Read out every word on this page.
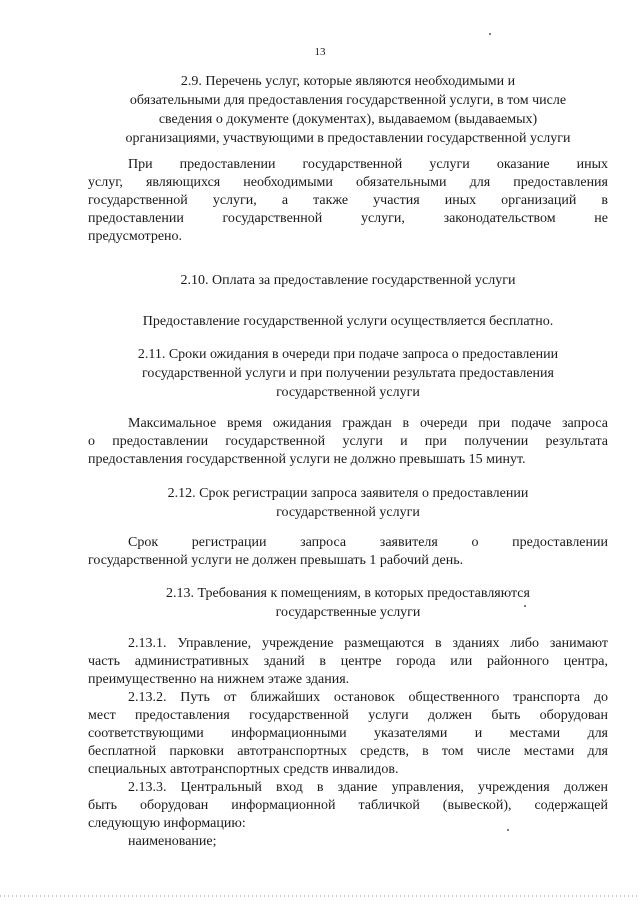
13
2.9. Перечень услуг, которые являются необходимыми и
обязательными для предоставления государственной услуги, в том числе
сведения о документе (документах), выдаваемом (выдаваемых)
организациями, участвующими в предоставлении государственной услуги
При предоставлении государственной услуги оказание иных
услуг, являющихся необходимыми обязательными для предоставления
государственной услуги, а также участия иных организаций в
предоставлении государственной услуги, законодательством не
предусмотрено.
2.10. Оплата за предоставление государственной услуги
Предоставление государственной услуги осуществляется бесплатно.
2.11. Сроки ожидания в очереди при подаче запроса о предоставлении
государственной услуги и при получении результата предоставления
государственной услуги
Максимальное время ожидания граждан в очереди при подаче запроса
о предоставлении государственной услуги и при получении результата
предоставления государственной услуги не должно превышать 15 минут.
2.12. Срок регистрации запроса заявителя о предоставлении
государственной услуги
Срок регистрации запроса заявителя о предоставлении
государственной услуги не должен превышать 1 рабочий день.
2.13. Требования к помещениям, в которых предоставляются
государственные услуги
2.13.1. Управление, учреждение размещаются в зданиях либо занимают
часть административных зданий в центре города или районного центра,
преимущественно на нижнем этаже здания.
2.13.2. Путь от ближайших остановок общественного транспорта до
мест предоставления государственной услуги должен быть оборудован
соответствующими информационными указателями и местами для
бесплатной парковки автотранспортных средств, в том числе местами для
специальных автотранспортных средств инвалидов.
2.13.3. Центральный вход в здание управления, учреждения должен
быть оборудован информационной табличкой (вывеской), содержащей
следующую информацию:
наименование;
